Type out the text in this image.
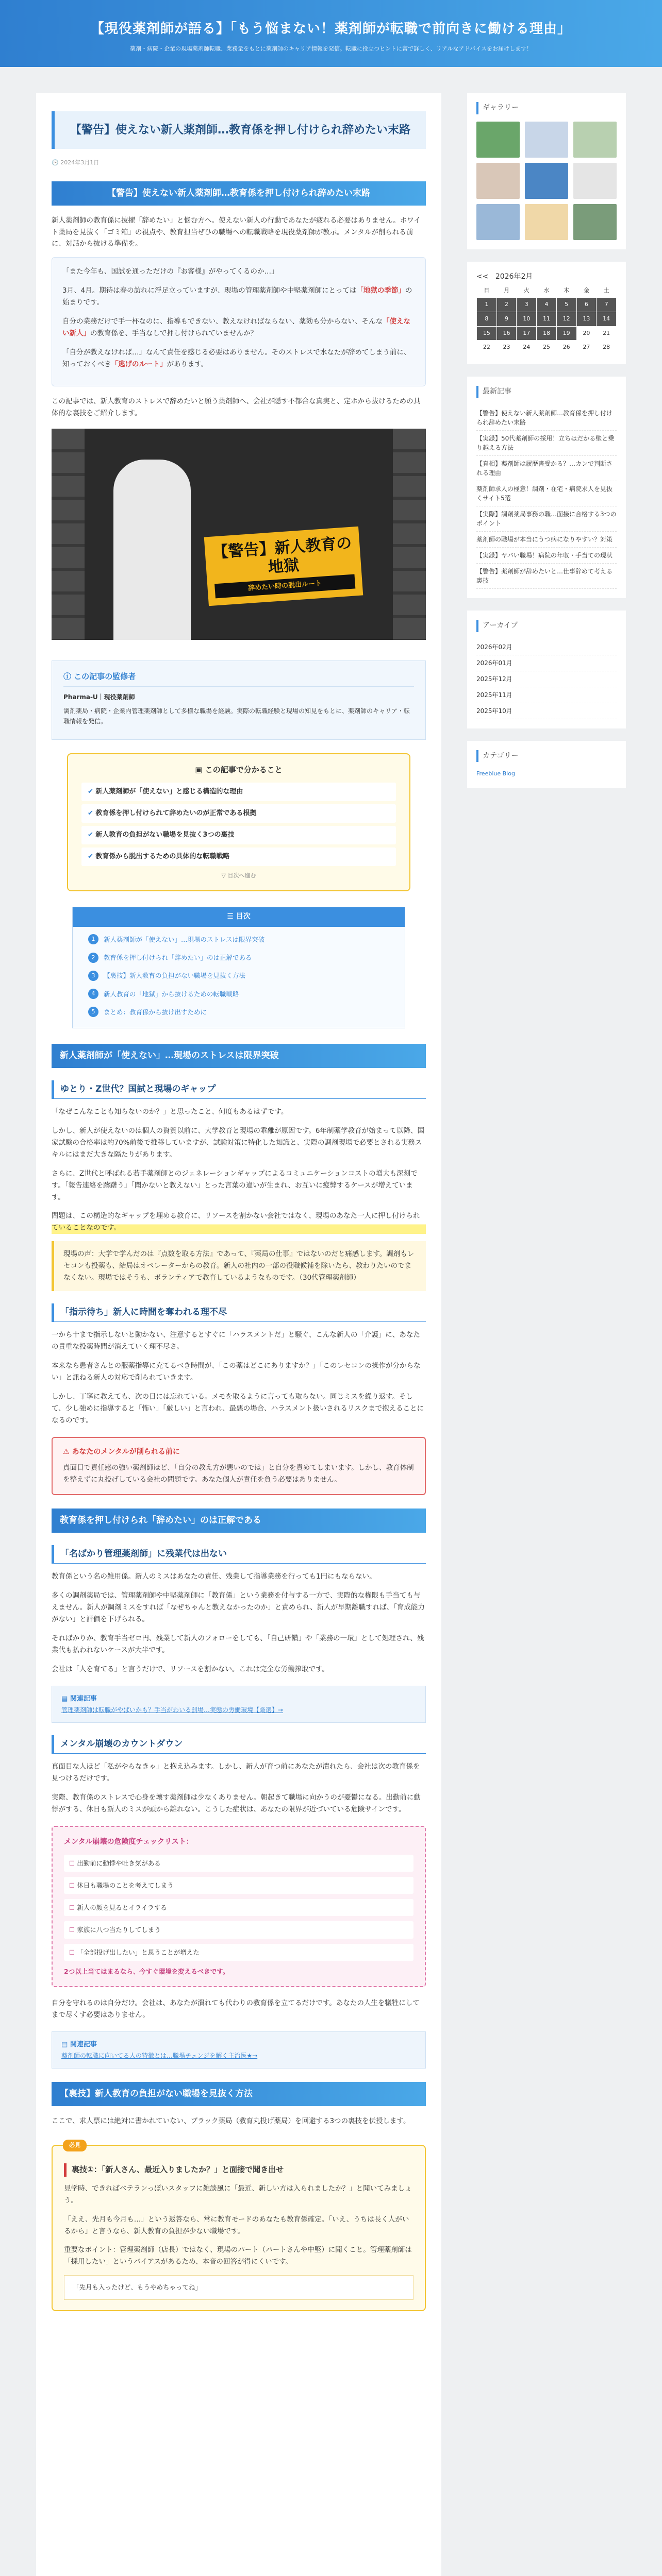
【現役薬剤師が語る】「もう悩まない！薬剤師が転職で前向きに働ける理由」
薬剤・病院・企業の現場薬剤師転職、業務量をもとに薬剤師のキャリア情報を発信。転職に役立つヒントに富で詳しく、リアルなアドバイスをお届けします！
【警告】使えない新人薬剤師…教育係を押し付けられ辞めたい末路
🕒 2024年3月1日
【警告】使えない新人薬剤師…教育係を押し付けられ辞めたい末路

新人薬剤師の教育係に抜擢「辞めたい」と悩む方へ。使えない新人の行動であなたが疲れる必要はありません。ホワイト薬局を見抜く「ゴミ箱」の視点や、教育担当ぜひの職場への転職戦略を現役薬剤師が教示。メンタルが削られる前に、対話から抜ける準備を。

「また今年も、国試を通っただけの『お客様』がやってくるのか…」

3月、4月。期待は春の訪れに浮足立っていますが、現場の管理薬剤師や中堅薬剤師にとっては「地獄の季節」の始まりです。

自分の業務だけで手一杯なのに、指導もできない、教えなければならない、薬効も分からない、そんな「使えない新人」の教育係を、手当なしで押し付けられていませんか？

「自分が教えなければ…」なんて責任を感じる必要はありません。そのストレスで水なたが辞めてしまう前に、知っておくべき「逃げのルート」があります。

この記事では、新人教育のストレスで辞めたいと願う薬剤師へ、会社が隠す不都合な真実と、定ホから抜けるための具体的な裏技をご紹介します。

【警告】新人教育の地獄
辞めたい時の脱出ルート
ⓘ この記事の監修者

Pharma-U｜現役薬剤師

調剤薬局・病院・企業内管理薬剤師として多様な職場を経験。実際の転職経験と現場の知見をもとに、薬剤師のキャリア・転職情報を発信。

▣ この記事で分かること
✔ 新人薬剤師が「使えない」と感じる構造的な理由
✔ 教育係を押し付けられて辞めたいのが正常である根拠
✔ 新人教育の負担がない職場を見抜く3つの裏技
✔ 教育係から脱出するための具体的な転職戦略
▽ 目次へ進む
☰ 目次
1	新人薬剤師が「使えない」…現場のストレスは限界突破
2	教育係を押し付けられ「辞めたい」のは正解である
3	【裏技】新人教育の負担がない職場を見抜く方法
4	新人教育の「地獄」から抜けるための転職戦略
5	まとめ：教育係から抜け出すために
新人薬剤師が「使えない」…現場のストレスは限界突破
ゆとり・Z世代？国試と現場のギャップ

「なぜこんなことも知らないのか？」と思ったこと、何度もあるはずです。

しかし、新人が使えないのは個人の資質以前に、大学教育と現場の乖離が原因です。6年制薬学教育が始まって以降、国家試験の合格率は約70%前後で推移していますが、試験対策に特化した知識と、実際の調剤現場で必要とされる実務スキルにはまだ大きな隔たりがあります。

さらに、Z世代と呼ばれる若手薬剤師とのジェネレーションギャップによるコミュニケーションコストの増大も深刻です。「報告連絡を躊躇う」「聞かないと教えない」とった言葉の違いが生まれ、お互いに疲弊するケースが増えています。

問題は、この構造的なギャップを埋める教育に、リソースを割かない会社ではなく、現場のあなた一人に押し付けられていることなのです。

現場の声：大学で学んだのは『点数を取る方法』であって、『薬局の仕事』ではないのだと痛感します。調剤もレセコンも投薬も、結局はオペレーターからの教育。新人の社内の一部の役職候補を除いたら、教わりたいのでまなくない。現場ではそうも、ボランティアで教育しているようなものです。（30代管理薬剤師）

「指示待ち」新人に時間を奪われる理不尽

一から十まで指示しないと動かない、注意するとすぐに「ハラスメントだ」と騒ぐ、こんな新人の「介護」に、あなたの貴重な投薬時間が消えていく理不尽さ。

本来なら患者さんとの服薬指導に充てるべき時間が、「この薬はどこにありますか？」「このレセコンの操作が分からない」と訊ねる新人の対応で削られていきます。

しかし、丁寧に教えても、次の日には忘れている。メモを取るように言っても取らない。同じミスを繰り返す。そして、少し強めに指導すると「怖い」「厳しい」と言われ、最悪の場合、ハラスメント扱いされるリスクまで抱えることになるのです。

⚠ あなたのメンタルが削られる前に

真面目で責任感の強い薬剤師ほど、「自分の教え方が悪いのでは」と自分を責めてしまいます。しかし、教育体制を整えずに丸投げしている会社の問題です。あなた個人が責任を負う必要はありません。

教育係を押し付けられ「辞めたい」のは正解である
「名ばかり管理薬剤師」に残業代は出ない

教育係という名の雑用係。新人のミスはあなたの責任、残業して指導業務を行っても1円にもならない。

多くの調剤薬局では、管理薬剤師や中堅薬剤師に「教育係」という業務を付与する一方で、実際的な権限も手当ても与えません。新人が調剤ミスをすれば「なぜちゃんと教えなかったのか」と責められ、新人が早期離職すれば、「育成能力がない」と評価を下げられる。

そればかりか、教育手当ゼロ円、残業して新人のフォローをしても、「自己研鑽」や「業務の一環」として処理され、残業代も払われないケースが大半です。

会社は「人を育てる」と言うだけで、リソースを割かない。これは完全な労働搾取です。

▤ 関連記事
管理薬剤師は転職がやばいかも？手当がわいる罰場…実態の労働環境【厳選】→
メンタル崩壊のカウントダウン

真面目な人ほど「私がやらなきゃ」と抱え込みます。しかし、新人が育つ前にあなたが潰れたら、会社は次の教育係を見つけるだけです。

実際、教育係のストレスで心身を壊す薬剤師は少なくありません。朝起きて職場に向かうのが憂鬱になる。出勤前に動悸がする、休日も新人のミスが頭から離れない。こうした症状は、あなたの限界が近づいている危険サインです。

メンタル崩壊の危険度チェックリスト：
☐ 出勤前に動悸や吐き気がある
☐ 休日も職場のことを考えてしまう
☐ 新人の顔を見るとイライラする
☐ 家族に八つ当たりしてしまう
☐ 「全部投げ出したい」と思うことが増えた
2つ以上当てはまるなら、今すぐ環境を変えるべきです。

自分を守れるのは自分だけ。会社は、あなたが潰れても代わりの教育係を立てるだけです。あなたの人生を犠牲にしてまで尽くす必要はありません。

▤ 関連記事
薬剤師の転職に向いてる人の特徴とは…職場チェンジを解く主治医★→
【裏技】新人教育の負担がない職場を見抜く方法

ここで、求人票には絶対に書かれていない、ブラック薬局（教育丸投げ薬局）を回避する3つの裏技を伝授します。

必見
裏技①：「新人さん、最近入りましたか？」と面接で聞き出せ

見学時、できればベテランっぽいスタッフに雑談風に「最近、新しい方は入られましたか？」と聞いてみましょう。

「ええ、先月も今月も…」という返答なら、常に教育モードのあなたも教育係確定。「いえ、うちは長く人がいるから」と言うなら、新人教育の負担が少ない職場です。

重要なポイント：管理薬剤師（店長）ではなく、現場のパート（パートさんや中堅）に聞くこと。管理薬剤師は「採用したい」というバイアスがあるため、本音の回答が得にくいです。

「先月も入ったけど、もうやめちゃってね」
ギャラリー
<< 2026年2月
日	月	火	水	木	金	土
1	2	3	4	5	6	7
8	9	10	11	12	13	14
15	16	17	18	19	20	21
22	23	24	25	26	27	28
最新記事
【警告】使えない新人薬剤師…教育係を押し付けられ辞めたい末路
【実録】50代薬剤師の採用！立ちはだかる壁と乗り越える方法
【真相】薬剤師は履歴書受かる？…カンで判断される理由
薬剤師求人の極意！調剤・在宅・病院求人を見抜くサイト5選
【実際】調剤薬局事務の職…面接に合格する3つのポイント
薬剤師の職場が本当にうつ病になりやすい？対策
【実録】ヤバい職場！病院の年収・手当ての現状
【警告】薬剤師が辞めたいと…仕事辞めて考える裏技
アーカイブ
2026年02月
2026年01月
2025年12月
2025年11月
2025年10月
カテゴリー
Freeblue Blog
